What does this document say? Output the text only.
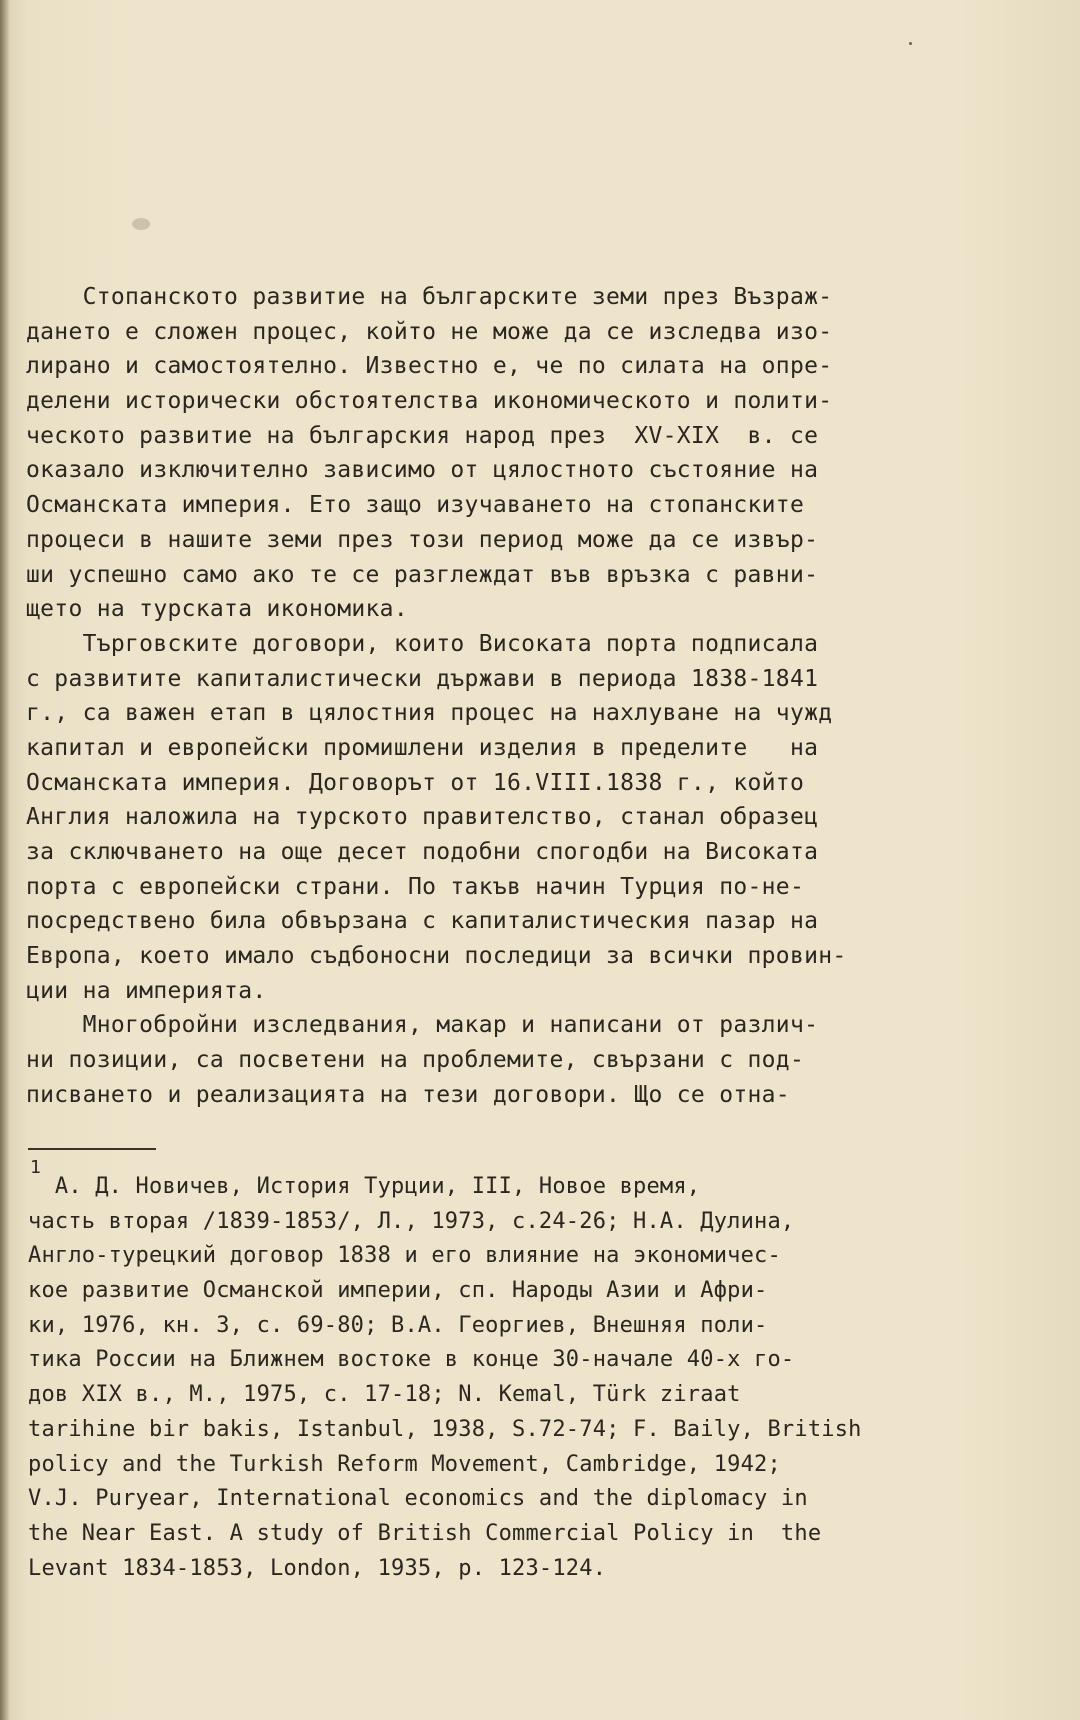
Стопанското развитие на българските земи през Възраж-
дането е сложен процес, който не може да се изследва изо-
лирано и самостоятелно. Известно е, че по силата на опре-
делени исторически обстоятелства икономическото и полити-
ческото развитие на българския народ през  XV-XIX  в. се
оказало изключително зависимо от цялостното състояние на
Османската империя. Ето защо изучаването на стопанските
процеси в нашите земи през този период може да се извър-
ши успешно само ако те се разглеждат във връзка с равни-
щето на турската икономика.
Търговските договори, които Високата порта подписала
с развитите капиталистически държави в периода 1838-1841
г., са важен етап в цялостния процес на нахлуване на чужд
капитал и европейски промишлени изделия в пределите   на
Османската империя. Договорът от 16.VIII.1838 г., който
Англия наложила на турското правителство, станал образец
за сключването на още десет подобни спогодби на Високата
порта с европейски страни. По такъв начин Турция по-не-
посредствено била обвързана с капиталистическия пазар на
Европа, което имало съдбоносни последици за всички провин-
ции на империята.
Многобройни изследвания, макар и написани от различ-
ни позиции, са посветени на проблемите, свързани с под-
писването и реализацията на тези договори. Що се отна-
1
А. Д. Новичев, История Турции, III, Новое время,
часть вторая /1839-1853/, Л., 1973, с.24-26; Н.А. Дулина,
Англо-турецкий договор 1838 и его влияние на экономичес-
кое развитие Османской империи, сп. Народы Азии и Афри-
ки, 1976, кн. 3, с. 69-80; В.А. Георгиев, Внешняя поли-
тика России на Ближнем востоке в конце 30-начале 40-х го-
дов XIX в., М., 1975, с. 17-18; N. Kemal, Türk ziraat
tarihine bir bakis, Istanbul, 1938, S.72-74; F. Baily, British
policy and the Turkish Reform Movement, Cambridge, 1942;
V.J. Puryear, International economics and the diplomacy in
the Near East. A study of British Commercial Policy in  the
Levant 1834-1853, London, 1935, p. 123-124.
